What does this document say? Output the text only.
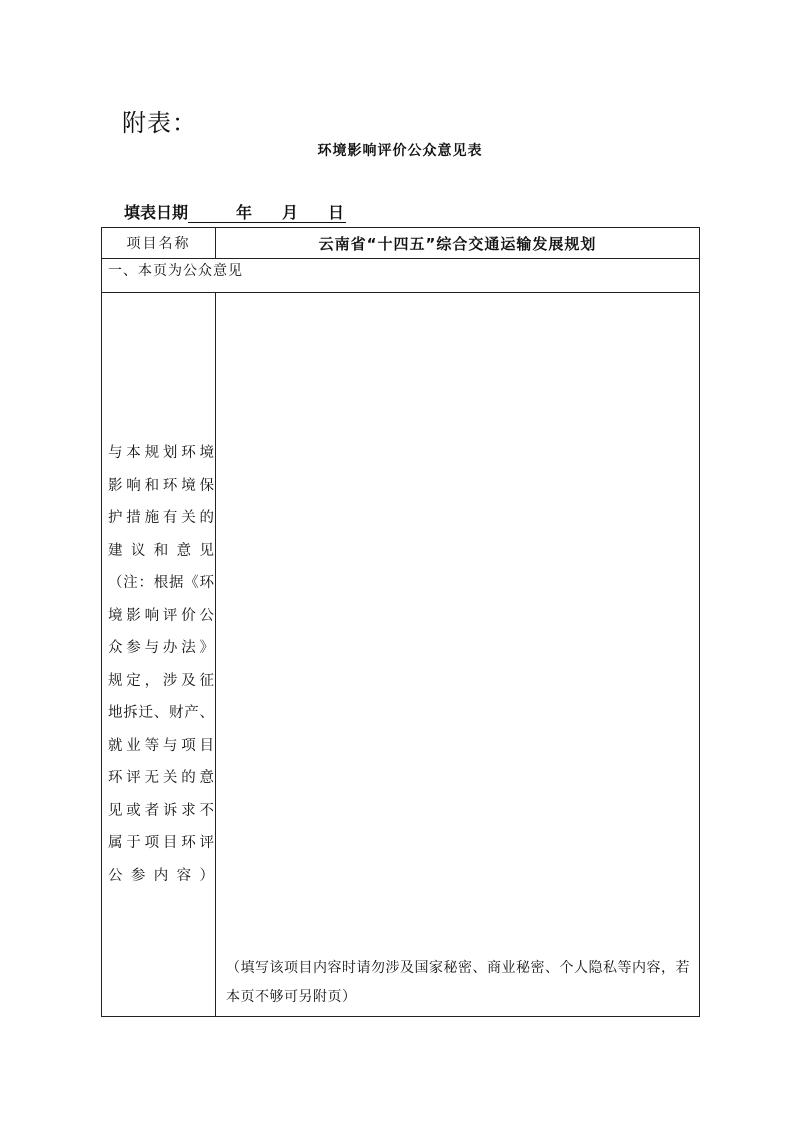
附表：
环境影响评价公众意见表
填表日期	年 月 日
项目名称	云南省“十四五”综合交通运输发展规划
一、本页为公众意见
与本规划环境
影响和环境保
护措施有关的
建 议 和 意 见
（注：根据《环
境影响评价公
众参与办法》
规定，涉及征
地拆迁、财产、
就业等与项目
环评无关的意
见或者诉求不
属于项目环评
公参内容）
（填写该项目内容时请勿涉及国家秘密、商业秘密、个人隐私等内容，若本页不够可另附页）
